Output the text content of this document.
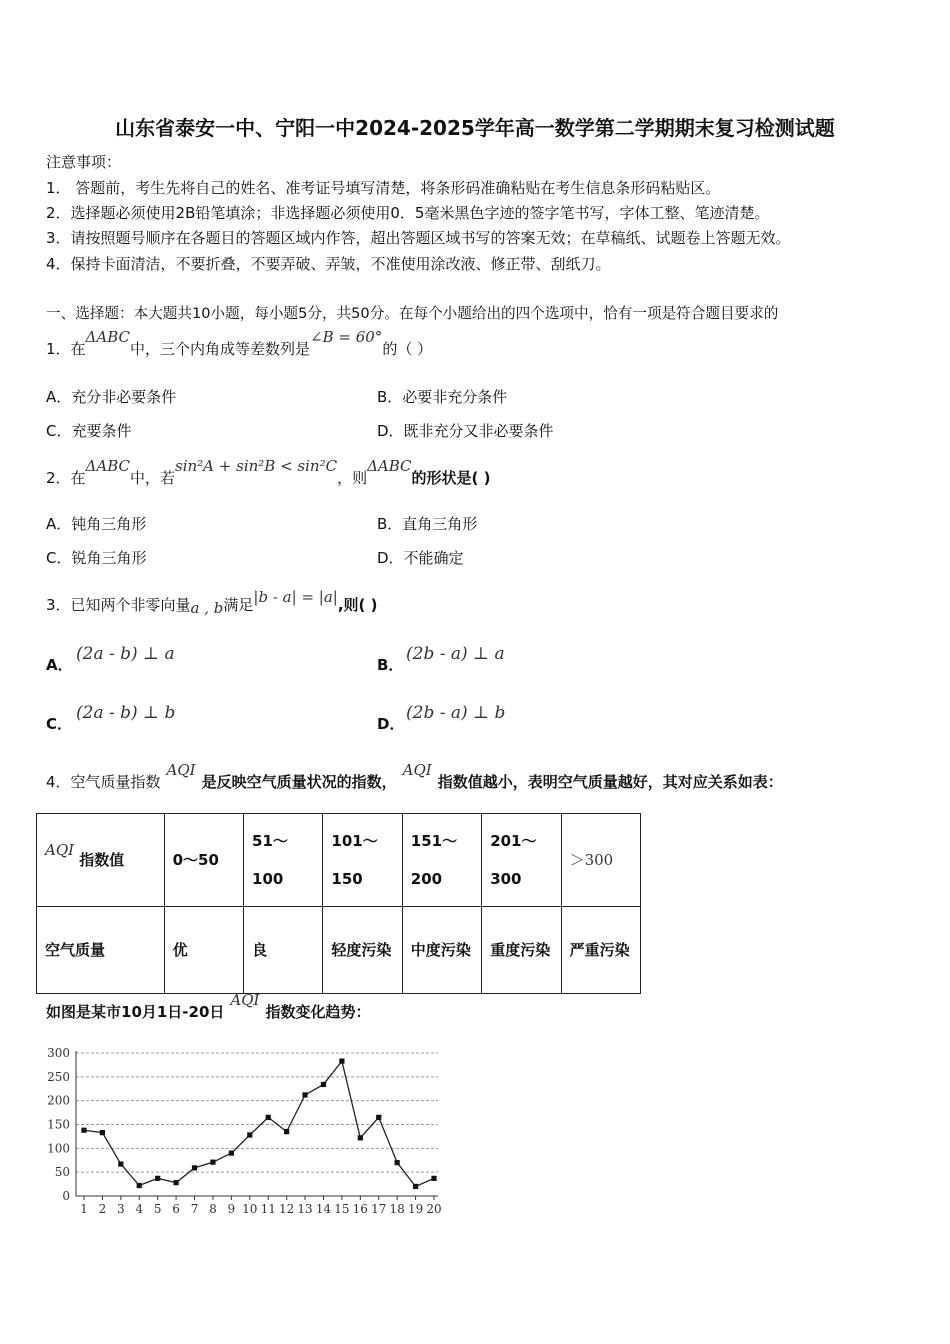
山东省泰安一中、宁阳一中2024-2025学年高一数学第二学期期末复习检测试题
注意事项：
1． 答题前，考生先将自己的姓名、准考证号填写清楚，将条形码准确粘贴在考生信息条形码粘贴区。
2．选择题必须使用2B铅笔填涂；非选择题必须使用0．5毫米黑色字迹的签字笔书写，字体工整、笔迹清楚。
3．请按照题号顺序在各题目的答题区域内作答，超出答题区域书写的答案无效；在草稿纸、试题卷上答题无效。
4．保持卡面清洁，不要折叠，不要弄破、弄皱，不准使用涂改液、修正带、刮纸刀。
一、选择题：本大题共10小题，每小题5分，共50分。在每个小题给出的四个选项中，恰有一项是符合题目要求的
1．在ΔABC中，三个内角成等差数列是∠B = 60°的（ ）
A．充分非必要条件	B．必要非充分条件
C．充要条件	D．既非充分又非必要条件
2．在ΔABC中，若sin²A + sin²B < sin²C，则ΔABC的形状是( )
A．钝角三角形	B．直角三角形
C．锐角三角形	D．不能确定
3．已知两个非零向量a , b满足|b - a| = |a|,则( )
A．
(2a - b) ⊥ a
B．
(2b - a) ⊥ a
C．
(2a - b) ⊥ b
D．
(2b - a) ⊥ b
4．空气质量指数AQI是反映空气质量状况的指数，AQI指数值越小，表明空气质量越好，其对应关系如表：
AQI 指数值	0～50	51～100	101～150	151～200	201～300	＞300
空气质量	优	良	轻度污染	中度污染	重度污染	严重污染
如图是某市10月1日-20日AQI指数变化趋势：
0
50
100
150
200
250
300
1 2 3 4 5 6 7 8 9 10 11 12 13 14 15 16 17 18 19 20
